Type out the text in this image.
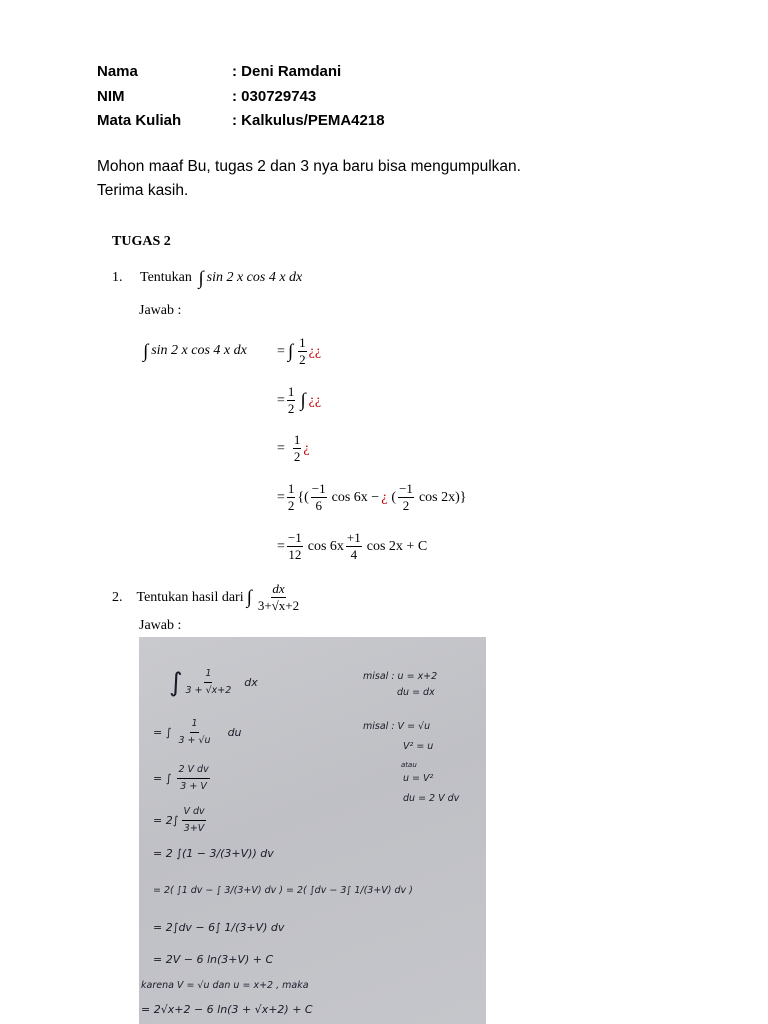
Nama	: Deni Ramdani
NIM	: 030729743
Mata Kuliah	: Kalkulus/PEMA4218
Mohon maaf Bu, tugas 2 dan 3 nya baru bisa mengumpulkan.
Terima kasih.
TUGAS 2
1. Tentukan ∫ sin 2 x cos 4 x dx
Jawab :
∫ sin 2 x cos 4 x dx = ∫ $\frac{1}{2}$ ¿¿
= $\frac{1}{2}$ ∫ ¿¿
= $\frac{1}{2}$ ¿
= $\frac{1}{2}$ {( $\frac{-1}{6}$ cos 6x − ¿ ( $\frac{-1}{2}$ cos 2x)}
= $\frac{-1}{12}$ $\cos 6x \frac{+1}{4}$ cos 2x + C
2. Tentukan hasil dari ∫ $\frac{dx}{3+√x+2}$
Jawab :
∫ $\frac{1}{3 + √x+2}$ dx
= ∫ $\frac{1}{3 + √u}$ du
= ∫ $\frac{\text{2 V dv}}{3 + V}$
= $2\int \frac{\text{V dv}}{3+V}$
= 2 ∫(1 − 3/(3+V)) dv
= 2( ∫1 dv − ∫ 3/(3+V) dv ) = 2( ∫dv − 3∫ 1/(3+V) dv )
= 2∫dv − 6∫ 1/(3+V) dv
= 2V − 6 ln(3+V) + C
karena V = √u dan u = x+2 , maka
= 2√x+2 − 6 ln(3 + √x+2) + C
misal : u = x+2
du = dx
misal : V = √u
V² = u
atau
u = V²
du = 2 V dv
